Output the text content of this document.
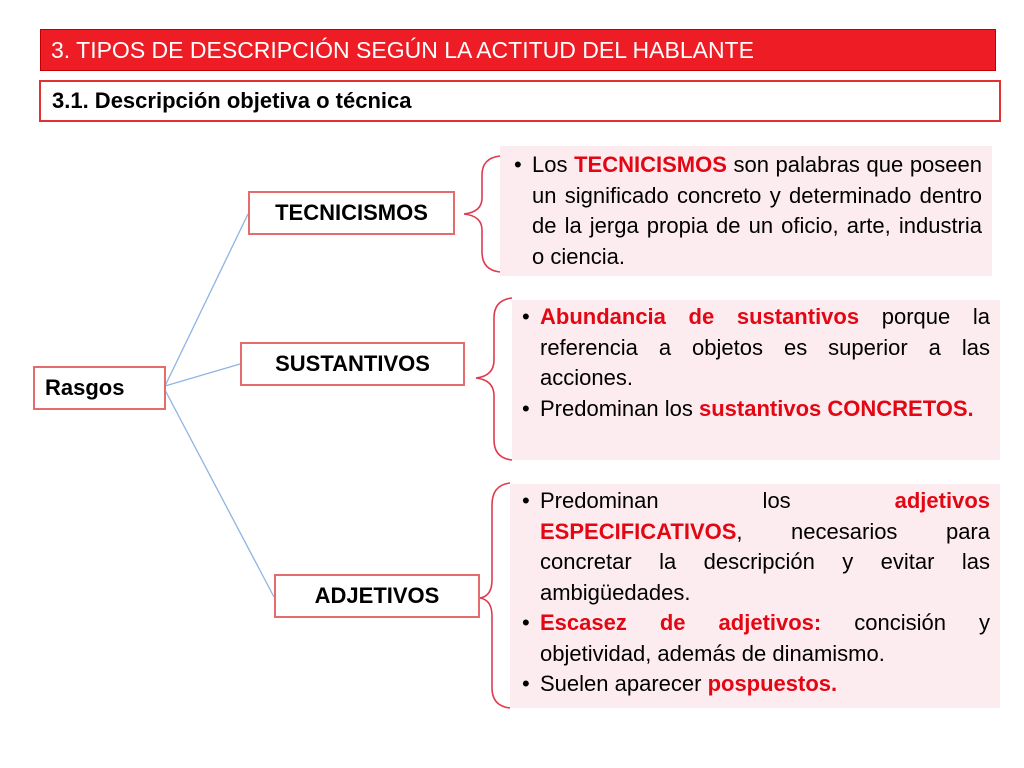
3. TIPOS DE DESCRIPCIÓN SEGÚN LA ACTITUD DEL HABLANTE
3.1. Descripción objetiva o técnica
Rasgos
TECNICISMOS
SUSTANTIVOS
ADJETIVOS
• Los TECNICISMOS son palabras que poseen un significado concreto y determinado dentro de la jerga propia de un oficio, arte, industria o ciencia.
• Abundancia de sustantivos porque la referencia a objetos es superior a las acciones.
• Predominan los sustantivos CONCRETOS.
• Predominan los adjetivos ESPECIFICATIVOS, necesarios para concretar la descripción y evitar las ambigüedades.
• Escasez de adjetivos: concisión y objetividad, además de dinamismo.
• Suelen aparecer pospuestos.
